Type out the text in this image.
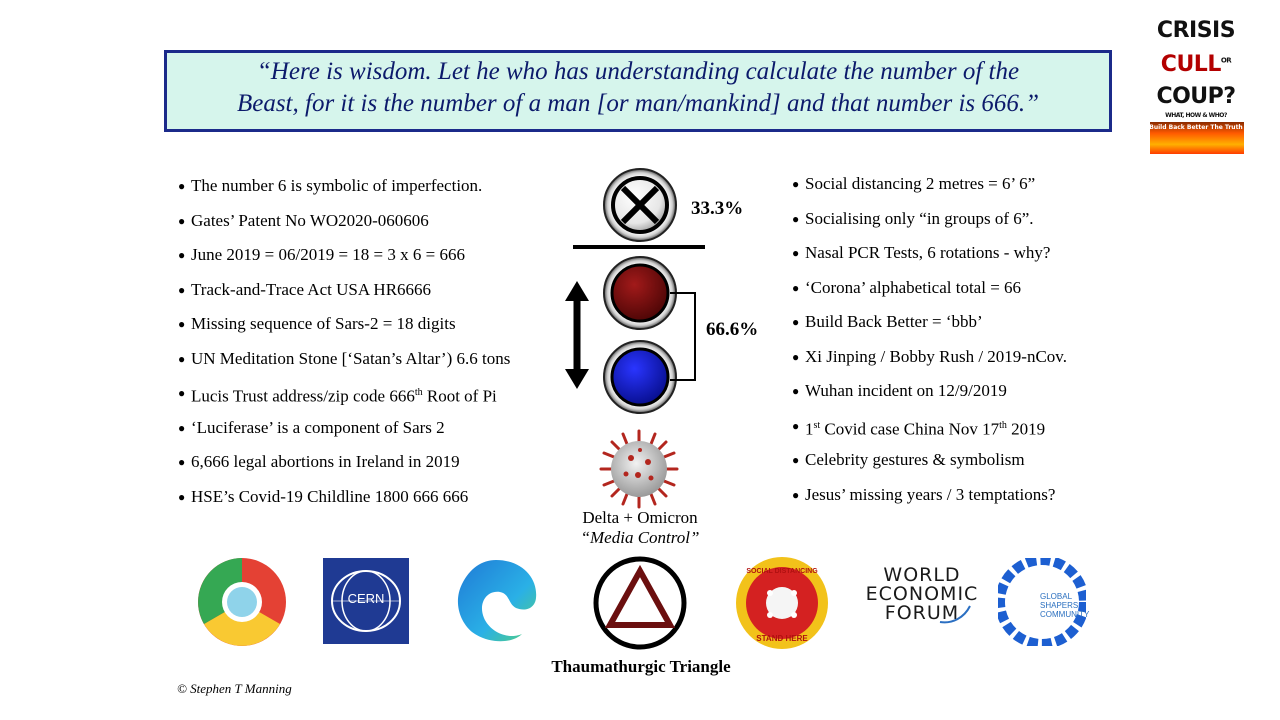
“Here is wisdom. Let he who has understanding calculate the number of the
Beast, for it is the number of a man [or man/mankind] and that number is 666.”
CRISIS
$CULL^{OR}$
COUP?
WHAT, HOW & WHO?
Build Back Better The Truth
● The number 6 is symbolic of imperfection.
● Gates’ Patent No WO2020-060606
● June 2019 = 06/2019 = 18 = 3 x 6 = 666
● Track-and-Trace Act USA HR6666
● Missing sequence of Sars-2 = 18 digits
● UN Meditation Stone [‘Satan’s Altar’) 6.6 tons
● Lucis Trust address/zip code 666th Root of Pi
● ‘Luciferase’ is a component of Sars 2
● 6,666 legal abortions in Ireland in 2019
● HSE’s Covid-19 Childline 1800 666 666
● Social distancing 2 metres = 6’ 6”
● Socialising only “in groups of 6”.
● Nasal PCR Tests, 6 rotations - why?
● ‘Corona’ alphabetical total = 66
● Build Back Better = ‘bbb’
● Xi Jinping / Bobby Rush / 2019-nCov.
● Wuhan incident on 12/9/2019
● 1st Covid case China Nov 17th 2019
● Celebrity gestures & symbolism
● Jesus’ missing years / 3 temptations?
33.3%
66.6%
Delta + Omicron
“Media Control”
CERN
SOCIAL DISTANCING
STAND HERE
WORLD
ECONOMIC
FORUM
GLOBAL
SHAPERS
COMMUNITY
Thaumathurgic Triangle
© Stephen T Manning
